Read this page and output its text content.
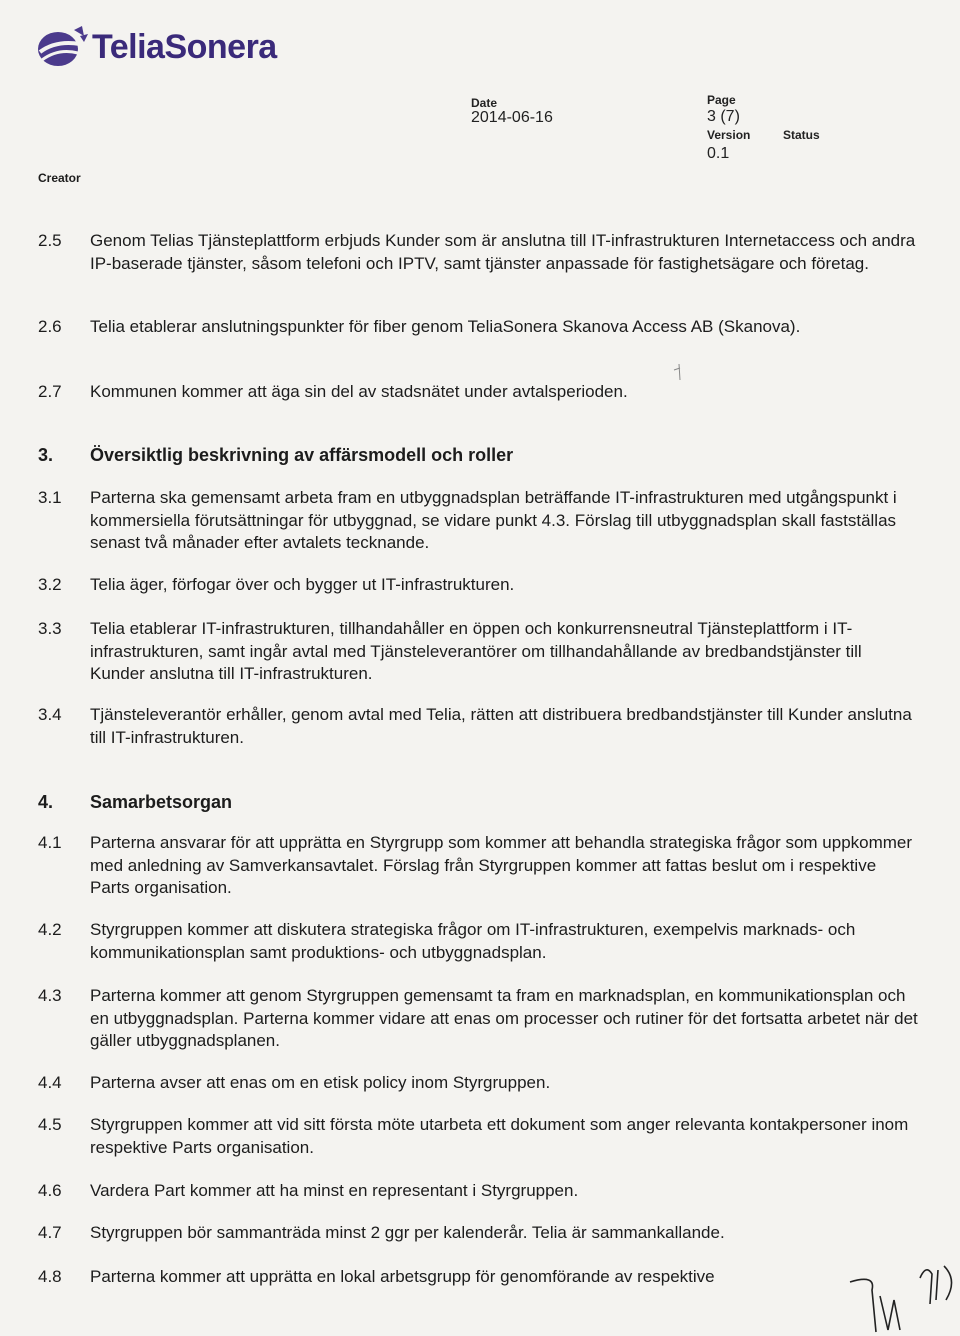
TeliaSonera
Date
2014-06-16
Page
3 (7)
Version
0.1
Status
Creator
2.5	Genom Telias Tjänsteplattform erbjuds Kunder som är anslutna till IT-infrastrukturen Internetaccess och andra IP-baserade tjänster, såsom telefoni och IPTV, samt tjänster anpassade för fastighetsägare och företag.
2.6	Telia etablerar anslutningspunkter för fiber genom TeliaSonera Skanova Access AB (Skanova).
2.7	Kommunen kommer att äga sin del av stadsnätet under avtalsperioden.
3.	Översiktlig beskrivning av affärsmodell och roller
3.1	Parterna ska gemensamt arbeta fram en utbyggnadsplan beträffande IT-infrastrukturen med utgångspunkt i kommersiella förutsättningar för utbyggnad, se vidare punkt 4.3. Förslag till utbyggnadsplan skall fastställas senast två månader efter avtalets tecknande.
3.2	Telia äger, förfogar över och bygger ut IT-infrastrukturen.
3.3	Telia etablerar IT-infrastrukturen, tillhandahåller en öppen och konkurrensneutral Tjänsteplattform i IT-infrastrukturen, samt ingår avtal med Tjänsteleverantörer om tillhandahållande av bredbandstjänster till Kunder anslutna till IT-infrastrukturen.
3.4	Tjänsteleverantör erhåller, genom avtal med Telia, rätten att distribuera bredbandstjänster till Kunder anslutna till IT-infrastrukturen.
4.	Samarbetsorgan
4.1	Parterna ansvarar för att upprätta en Styrgrupp som kommer att behandla strategiska frågor som uppkommer med anledning av Samverkansavtalet. Förslag från Styrgruppen kommer att fattas beslut om i respektive Parts organisation.
4.2	Styrgruppen kommer att diskutera strategiska frågor om IT-infrastrukturen, exempelvis marknads- och kommunikationsplan samt produktions- och utbyggnadsplan.
4.3	Parterna kommer att genom Styrgruppen gemensamt ta fram en marknadsplan, en kommunikationsplan och en utbyggnadsplan. Parterna kommer vidare att enas om processer och rutiner för det fortsatta arbetet när det gäller utbyggnadsplanen.
4.4	Parterna avser att enas om en etisk policy inom Styrgruppen.
4.5	Styrgruppen kommer att vid sitt första möte utarbeta ett dokument som anger relevanta kontakpersoner inom respektive Parts organisation.
4.6	Vardera Part kommer att ha minst en representant i Styrgruppen.
4.7	Styrgruppen bör sammanträda minst 2 ggr per kalenderår. Telia är sammankallande.
4.8	Parterna kommer att upprätta en lokal arbetsgrupp för genomförande av respektive
